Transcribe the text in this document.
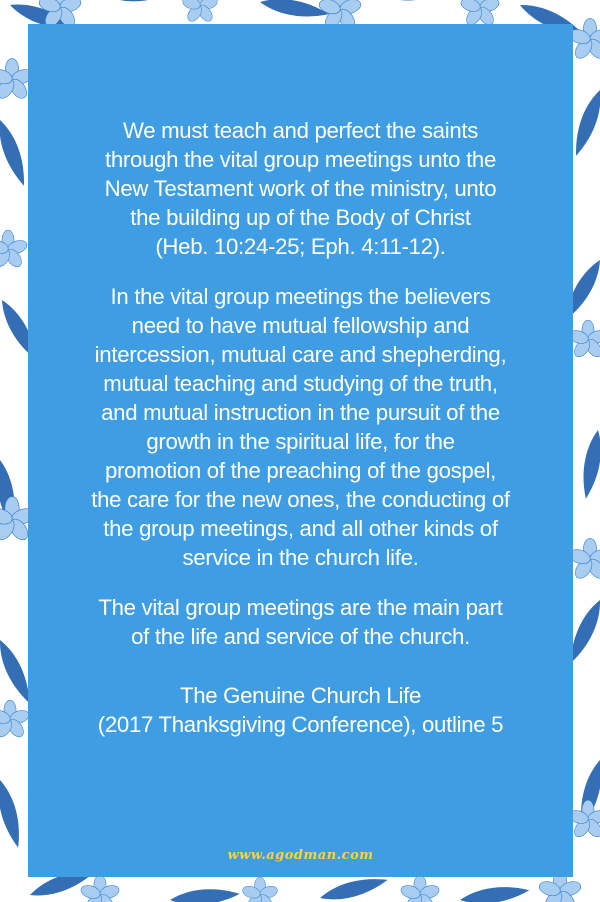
We must teach and perfect the saints
through the vital group meetings unto the
New Testament work of the ministry, unto
the building up of the Body of Christ
(Heb. 10:24-25; Eph. 4:11-12).

In the vital group meetings the believers
need to have mutual fellowship and
intercession, mutual care and shepherding,
mutual teaching and studying of the truth,
and mutual instruction in the pursuit of the
growth in the spiritual life, for the
promotion of the preaching of the gospel,
the care for the new ones, the conducting of
the group meetings, and all other kinds of
service in the church life.

The vital group meetings are the main part
of the life and service of the church.

The Genuine Church Life
(2017 Thanksgiving Conference), outline 5

www.agodman.com
